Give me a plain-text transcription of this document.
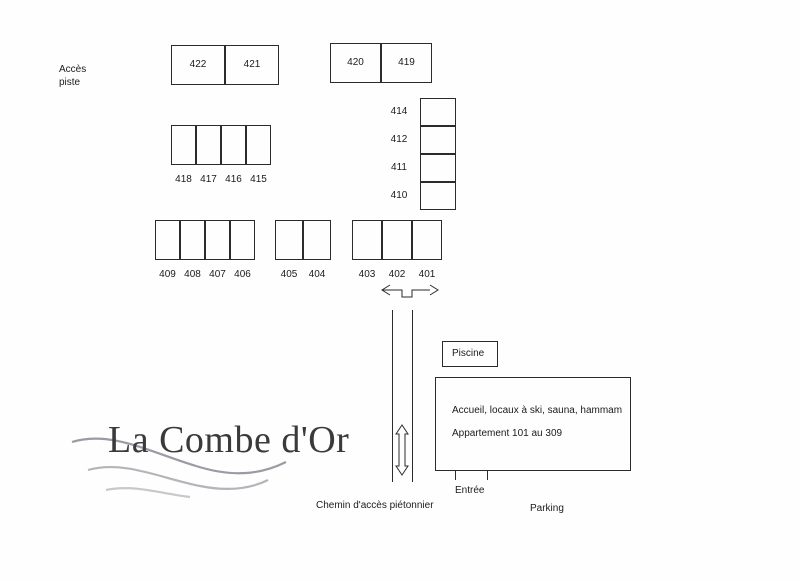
Accès
piste
422	421	420	419
418 417 416 415
409 408 407 406	405	404	403	402	401
414
412
411
410
Piscine
Accueil, locaux à ski, sauna, hammam
Appartement 101 au 309
Chemin d'accès piétonnier
Entrée
Parking
La Combe d'Or
